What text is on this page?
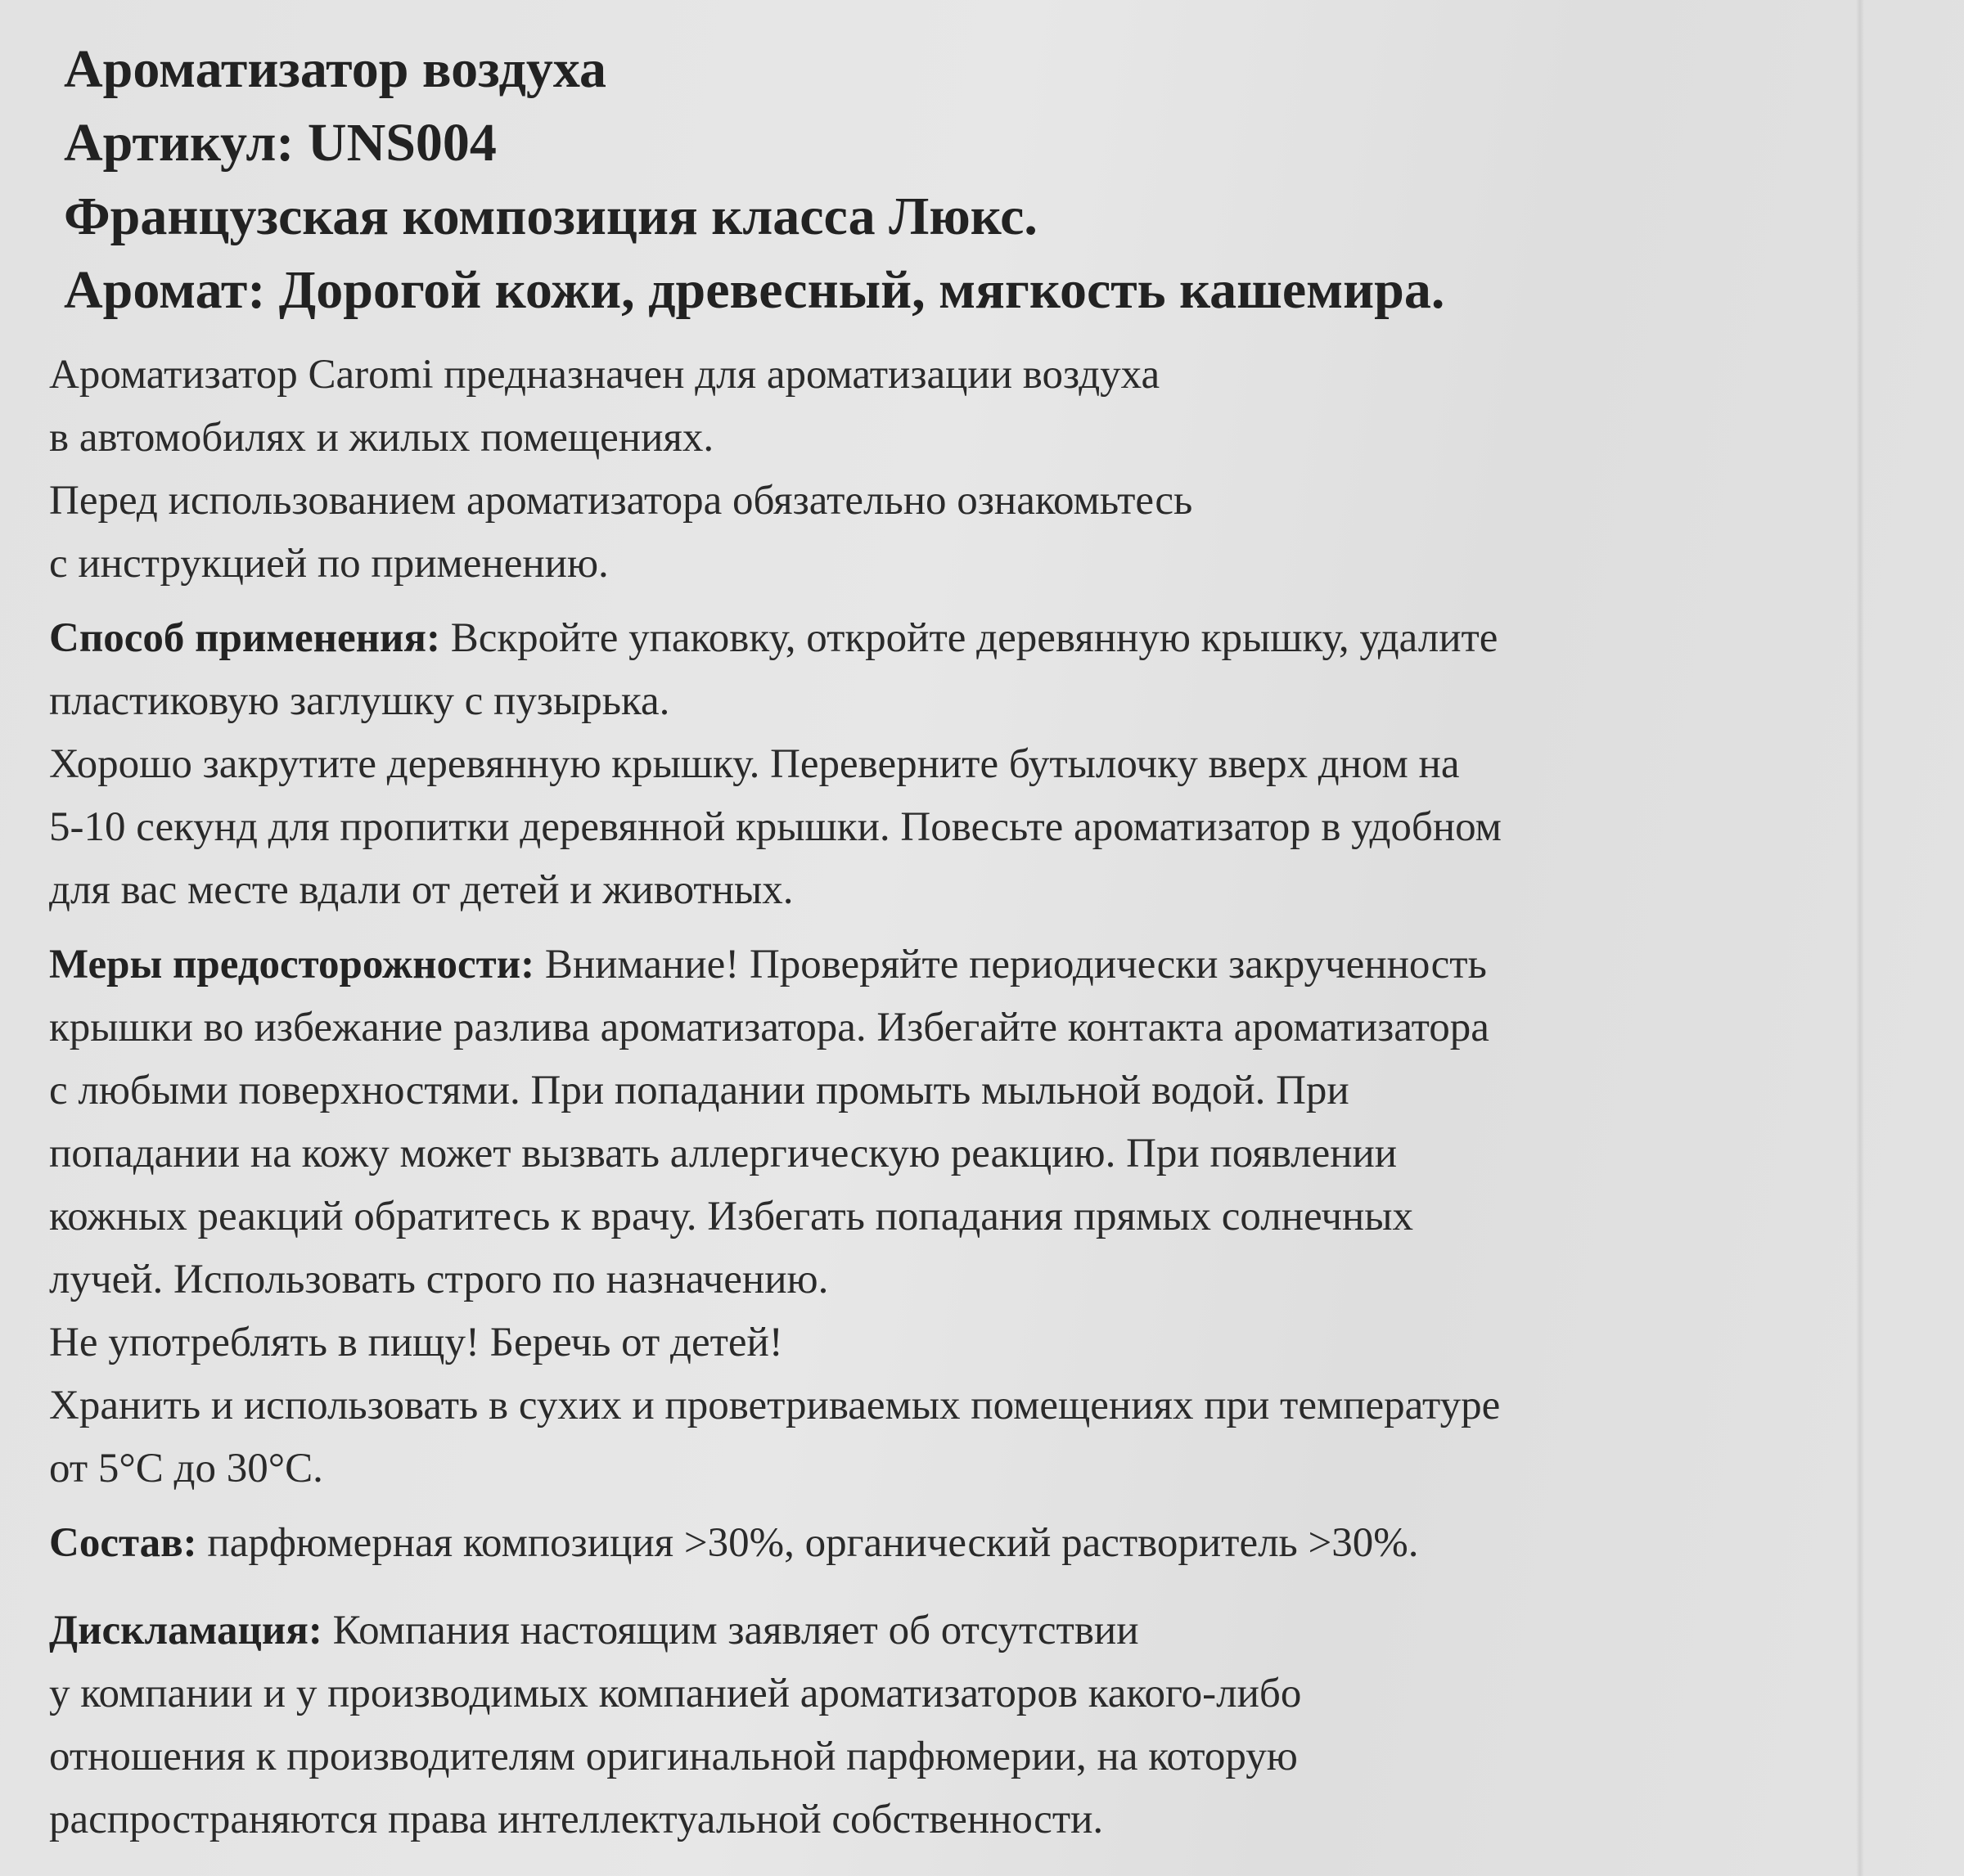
Ароматизатор воздуха
Артикул: UNS004
Французская композиция класса Люкс.
Аромат: Дорогой кожи, древесный, мягкость кашемира.
Ароматизатор Caromi предназначен для ароматизации воздуха
в автомобилях и жилых помещениях.
Перед использованием ароматизатора обязательно ознакомьтесь
с инструкцией по применению.
Способ применения: Вскройте упаковку, откройте деревянную крышку, удалите
пластиковую заглушку с пузырька.
Хорошо закрутите деревянную крышку. Переверните бутылочку вверх дном на
5-10 секунд для пропитки деревянной крышки. Повесьте ароматизатор в удобном
для вас месте вдали от детей и животных.
Меры предосторожности: Внимание! Проверяйте периодически закрученность
крышки во избежание разлива ароматизатора. Избегайте контакта ароматизатора
с любыми поверхностями. При попадании промыть мыльной водой. При
попадании на кожу может вызвать аллергическую реакцию. При появлении
кожных реакций обратитесь к врачу. Избегать попадания прямых солнечных
лучей. Использовать строго по назначению.
Не употреблять в пищу! Беречь от детей!
Хранить и использовать в сухих и проветриваемых помещениях при температуре
от 5°C до 30°C.
Состав: парфюмерная композиция >30%, органический растворитель >30%.
Дискламация: Компания настоящим заявляет об отсутствии
у компании и у производимых компанией ароматизаторов какого-либо
отношения к производителям оригинальной парфюмерии, на которую
распространяются права интеллектуальной собственности.
